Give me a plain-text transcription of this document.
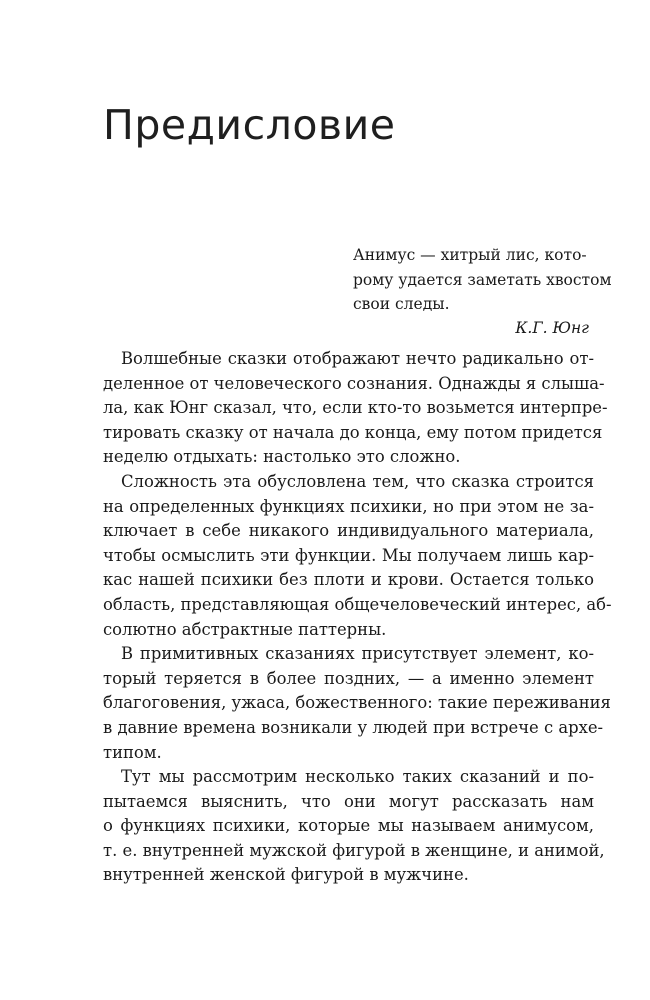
Предисловие
Анимус — хитрый лис, кото-
рому удается заметать хвостом
свои следы.
К.Г. Юнг
Волшебные сказки отображают нечто радикально от-
деленное от человеческого сознания. Однажды я слыша-
ла, как Юнг сказал, что, если кто-то возьмется интерпре-
тировать сказку от начала до конца, ему потом придется
неделю отдыхать: настолько это сложно.
Сложность эта обусловлена тем, что сказка строится
на определенных функциях психики, но при этом не за-
ключает в себе никакого индивидуального материала,
чтобы осмыслить эти функции. Мы получаем лишь кар-
кас нашей психики без плоти и крови. Остается только
область, представляющая общечеловеческий интерес, аб-
солютно абстрактные паттерны.
В примитивных сказаниях присутствует элемент, ко-
торый теряется в более поздних, — а именно элемент
благоговения, ужаса, божественного: такие переживания
в давние времена возникали у людей при встрече с архе-
типом.
Тут мы рассмотрим несколько таких сказаний и по-
пытаемся выяснить, что они могут рассказать нам
о функциях психики, которые мы называем анимусом,
т. е. внутренней мужской фигурой в женщине, и анимой,
внутренней женской фигурой в мужчине.
